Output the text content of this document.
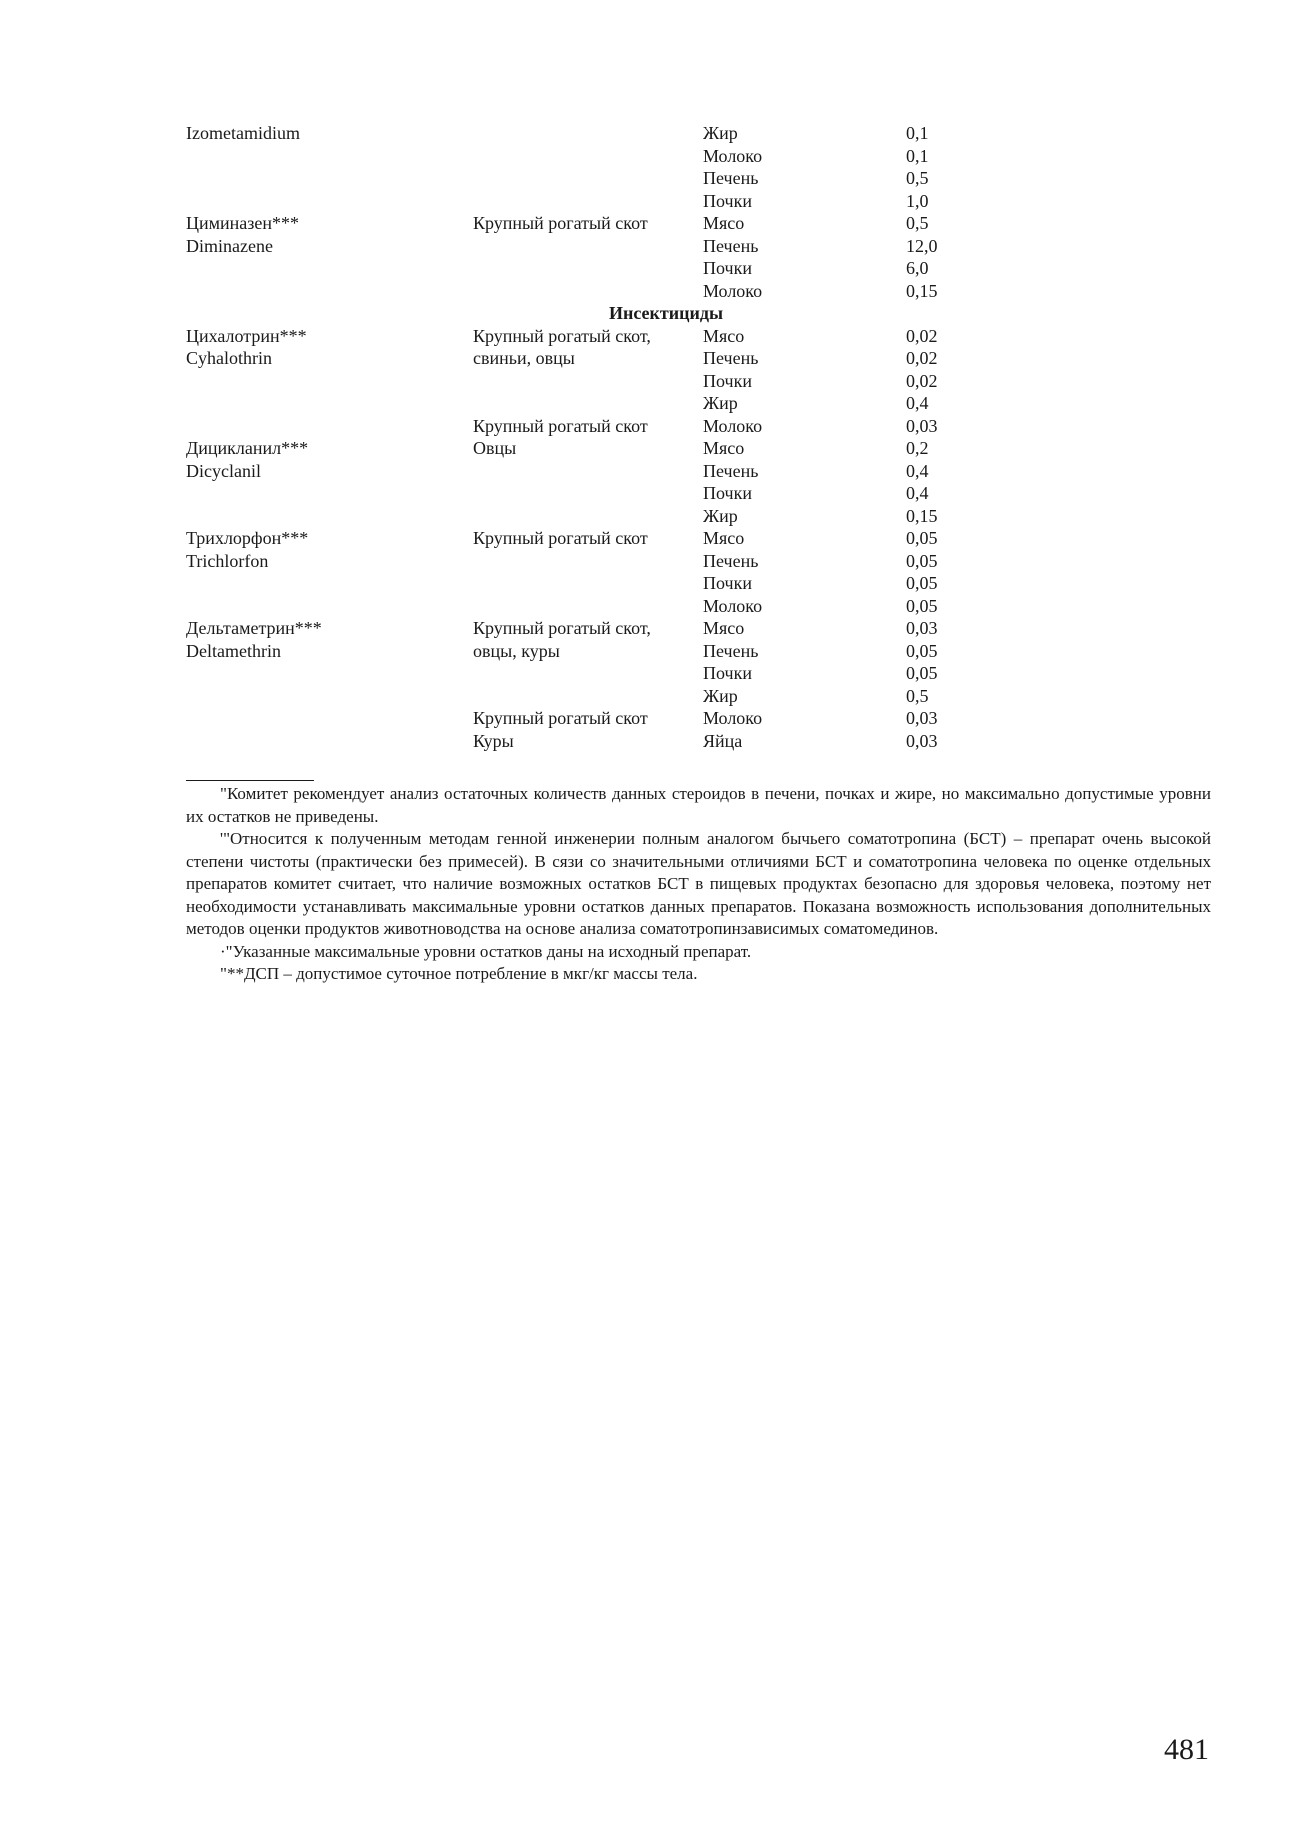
Izometamidium		Жир	0,1
		Молоко	0,1
		Печень	0,5
		Почки	1,0
Циминазен***	Крупный рогатый скот	Мясо	0,5
Diminazene		Печень	12,0
		Почки	6,0
		Молоко	0,15
Инсектициды			
Цихалотрин***	Крупный рогатый скот,	Мясо	0,02
Cyhalothrin	свиньи, овцы	Печень	0,02
		Почки	0,02
		Жир	0,4
	Крупный рогатый скот	Молоко	0,03
Дицикланил***	Овцы	Мясо	0,2
Dicyclanil		Печень	0,4
		Почки	0,4
		Жир	0,15
Трихлорфон***	Крупный рогатый скот	Мясо	0,05
Trichlorfon		Печень	0,05
		Почки	0,05
		Молоко	0,05
Дельтаметрин***	Крупный рогатый скот,	Мясо	0,03
Deltamethrin	овцы, куры	Печень	0,05
		Почки	0,05
		Жир	0,5
	Крупный рогатый скот	Молоко	0,03
	Куры	Яйца	0,03

"Комитет рекомендует анализ остаточных количеств данных стероидов в печени, почках и жире, но максимально допустимые уровни их остатков не приведены.

'"Относится к полученным методам генной инженерии полным аналогом бычьего соматотропина (БСТ) – препарат очень высокой степени чистоты (практически без примесей). В сязи со значительными отличиями БСТ и соматотропина человека по оценке отдельных препаратов комитет считает, что наличие возможных остатков БСТ в пищевых продуктах безопасно для здоровья человека, поэтому нет необходимости устанавливать максимальные уровни остатков данных препаратов. Показана возможность использования дополнительных методов оценки продуктов животноводства на основе анализа соматотропинзависимых соматомединов.

·"Указанные максимальные уровни остатков даны на исходный препарат.

"**ДСП – допустимое суточное потребление в мкг/кг массы тела.

481
